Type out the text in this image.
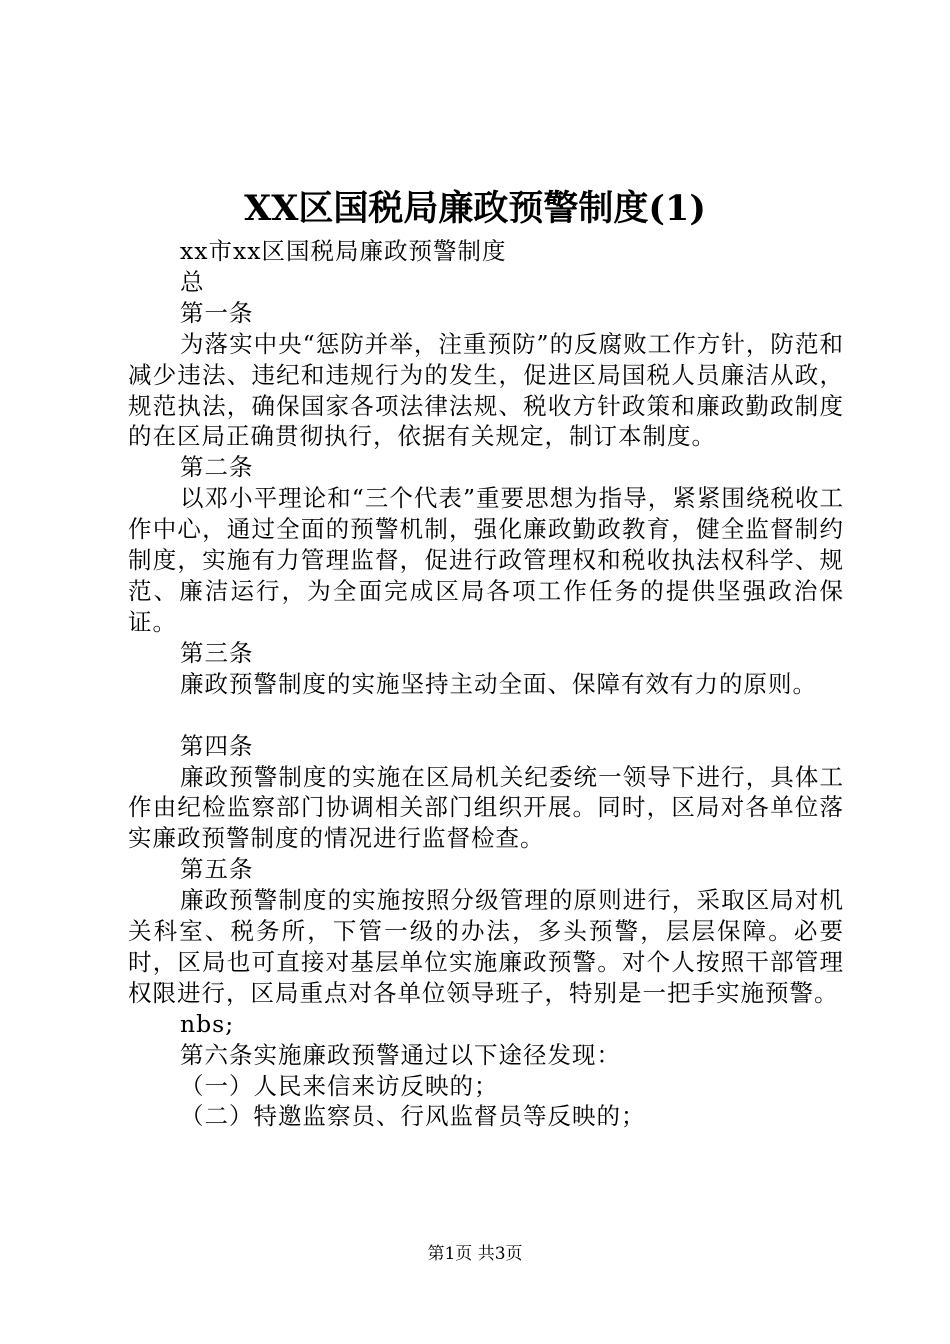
XX区国税局廉政预警制度(1)

xx市xx区国税局廉政预警制度

总

第一条

为落实中央“惩防并举，注重预防”的反腐败工作方针，防范和减少违法、违纪和违规行为的发生，促进区局国税人员廉洁从政，规范执法，确保国家各项法律法规、税收方针政策和廉政勤政制度的在区局正确贯彻执行，依据有关规定，制订本制度。

第二条

以邓小平理论和“三个代表”重要思想为指导，紧紧围绕税收工作中心，通过全面的预警机制，强化廉政勤政教育，健全监督制约制度，实施有力管理监督，促进行政管理权和税收执法权科学、规范、廉洁运行，为全面完成区局各项工作任务的提供坚强政治保证。

第三条

廉政预警制度的实施坚持主动全面、保障有效有力的原则。

第四条

廉政预警制度的实施在区局机关纪委统一领导下进行，具体工作由纪检监察部门协调相关部门组织开展。同时，区局对各单位落实廉政预警制度的情况进行监督检查。

第五条

廉政预警制度的实施按照分级管理的原则进行，采取区局对机关科室、税务所，下管一级的办法，多头预警，层层保障。必要时，区局也可直接对基层单位实施廉政预警。对个人按照干部管理权限进行，区局重点对各单位领导班子，特别是一把手实施预警。

nbs;

第六条实施廉政预警通过以下途径发现：

（一）人民来信来访反映的；

（二）特邀监察员、行风监督员等反映的；

第1页 共3页
